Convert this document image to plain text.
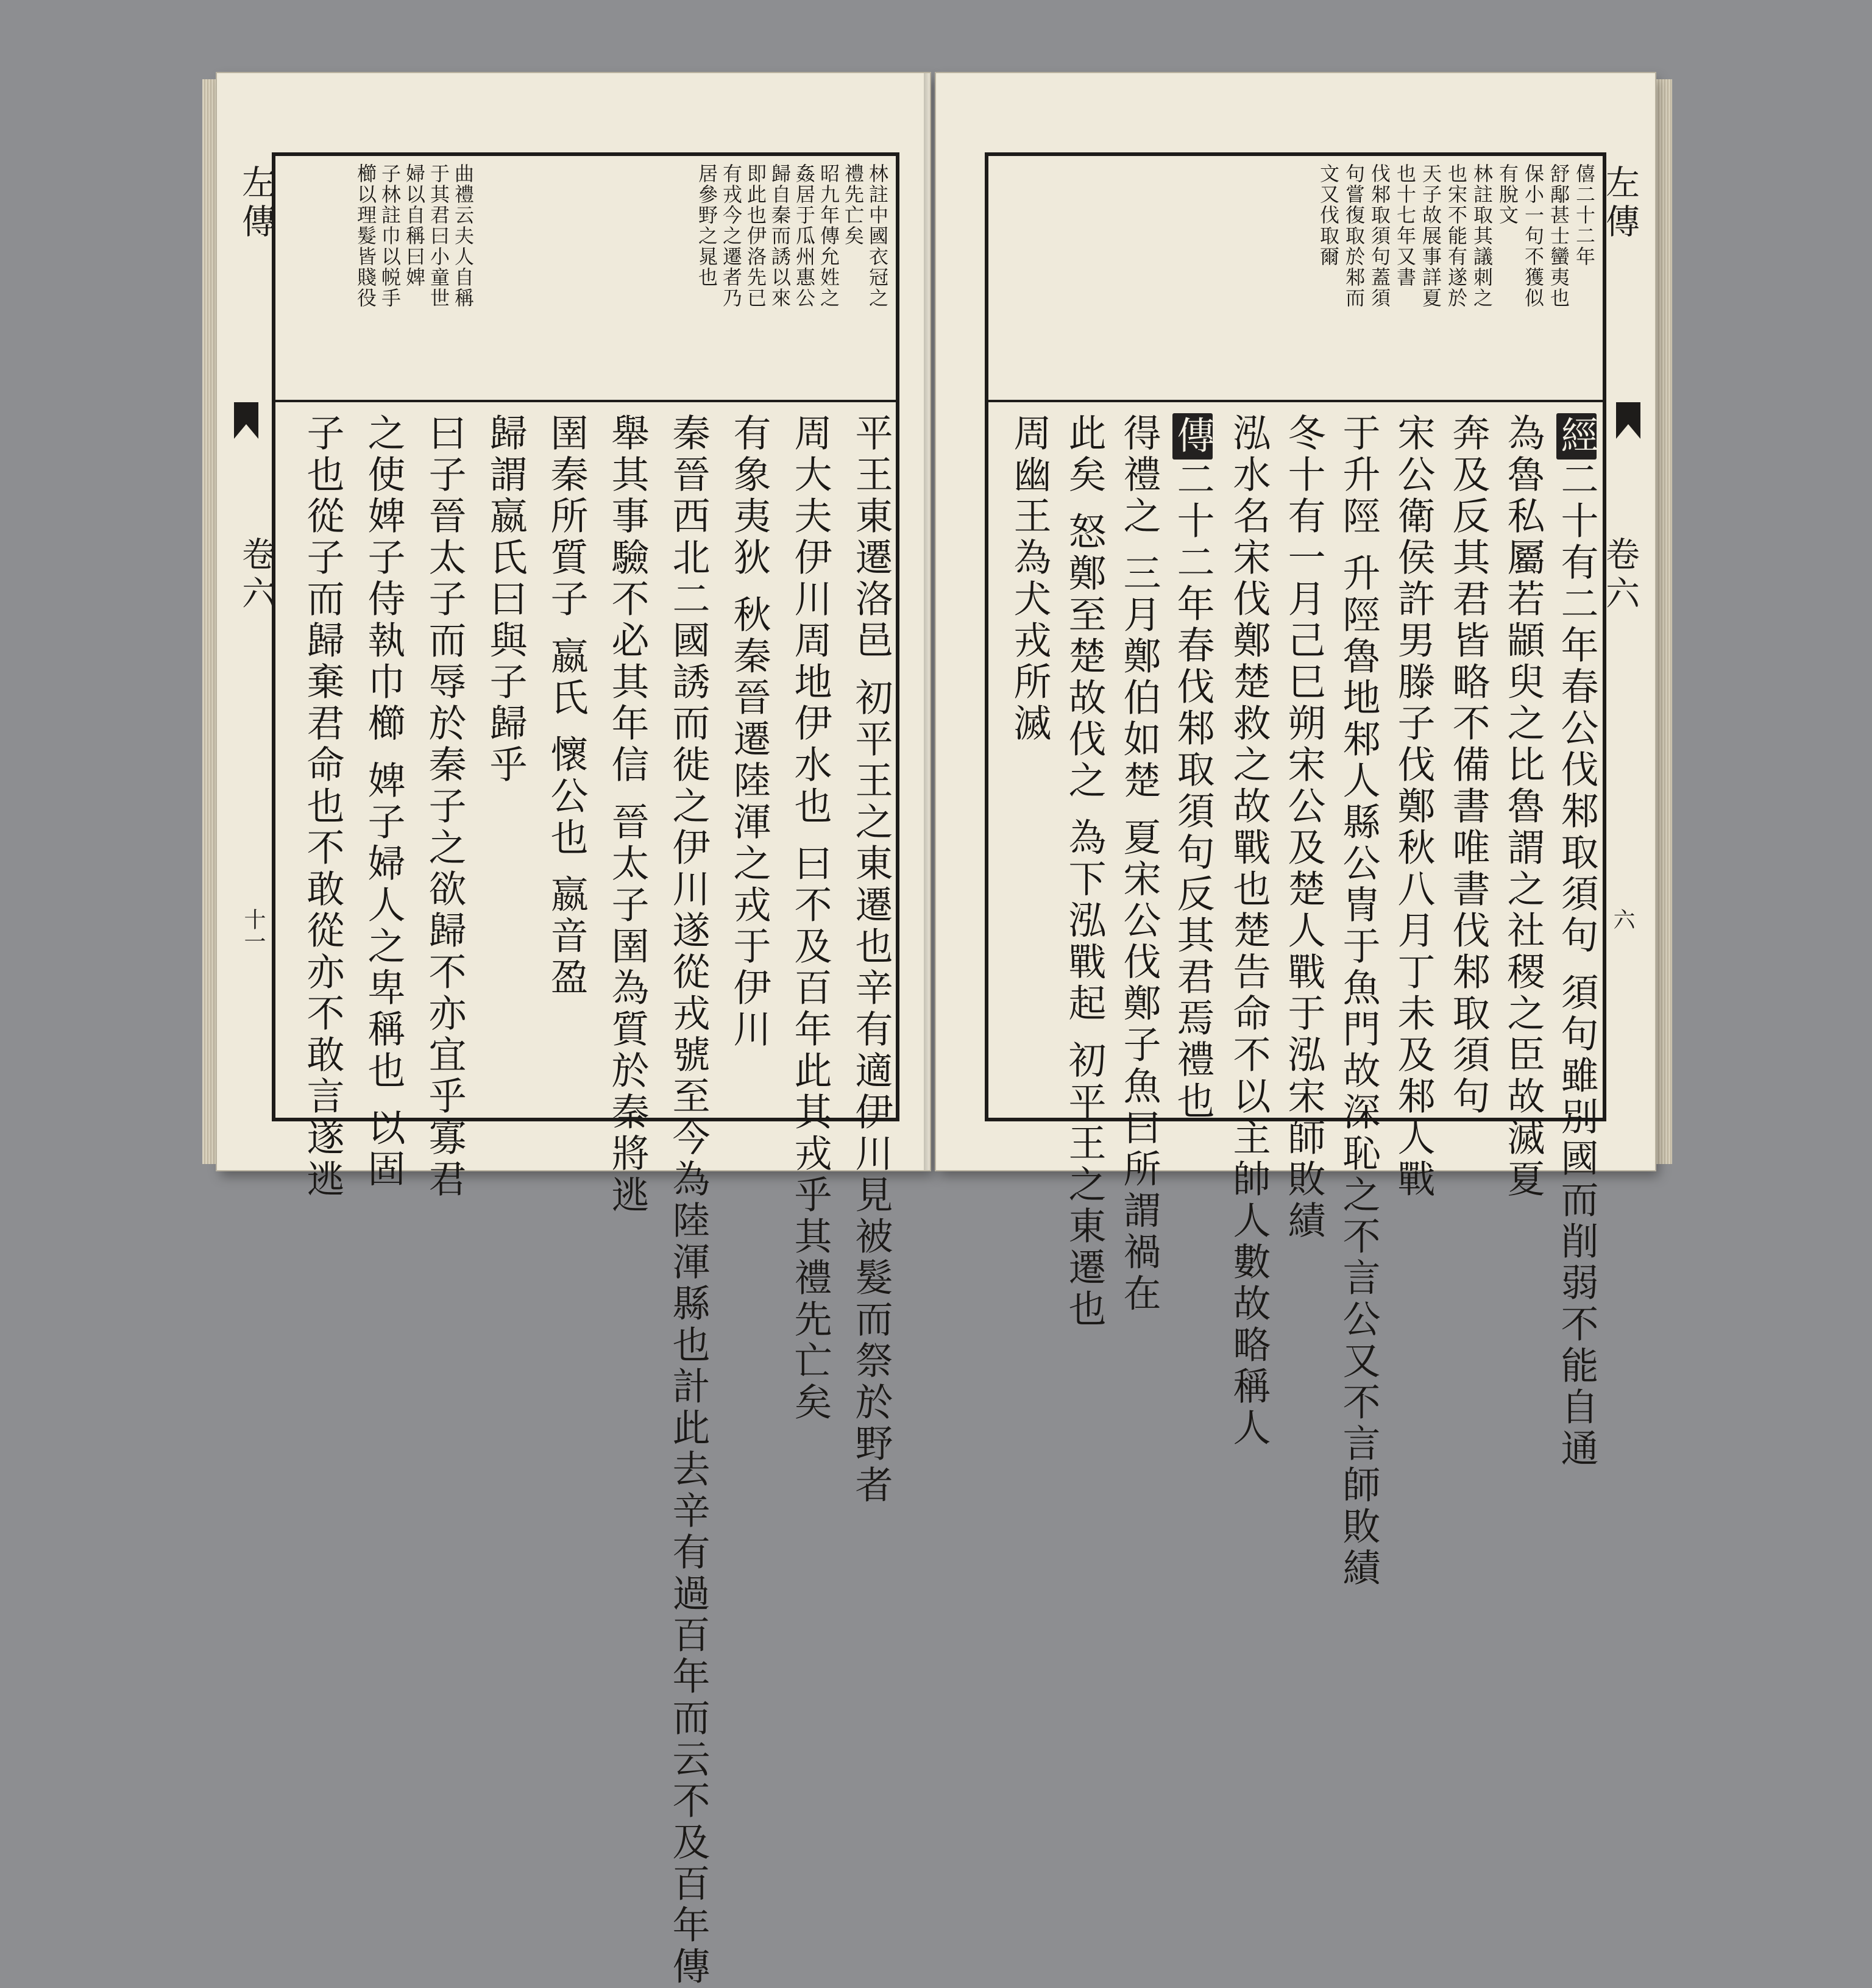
左傳
卷六
十一
林註中國衣冠之
禮先亡矣
昭九年傳允姓之
姦居于瓜州惠公
歸自秦而誘以來
即此也伊洛先已
有戎今之遷者乃
居參野之晁也
曲禮云夫人自稱
于其君曰小童世
婦以自稱曰婢
子林註巾以帨手
櫛以理髮皆賤役
平王東遷洛邑 初平王之東遷也辛有適伊川見被髮而祭於野者
周大夫伊川周地伊水也 曰不及百年此其戎乎其禮先亡矣
有象夷狄 秋秦晉遷陸渾之戎于伊川
秦晉西北二國誘而徙之伊川遂從戎號至今為陸渾縣也計此去辛有過百年而云不及百年傳
舉其事驗不必其年信 晉太子圉為質於秦將逃
圉秦所質子 嬴氏 懷公也 嬴音盈
歸謂嬴氏曰與子歸乎
曰子晉太子而辱於秦子之欲歸不亦宜乎寡君
之使婢子侍執巾櫛 婢子婦人之卑稱也 以固
子也從子而歸棄君命也不敢從亦不敢言遂逃
僖二十二年
舒鄅甚士蠻夷也
保小一句不獲似
有脫文
林註取其議刺之
也宋不能有遂於
天子故展事詳夏
也十七年又書
伐邾取須句蓋須
句嘗復取於邾而
文又伐取爾
經二十有二年春公伐邾取須句 須句雖別國而削弱不能自通
為魯私屬若顓臾之比魯謂之社稷之臣故滅夏
奔及反其君皆略不備書唯書伐邾取須句
宋公衛侯許男滕子伐鄭秋八月丁未及邾人戰
于升陘 升陘魯地邾人縣公冑于魚門故深恥之不言公又不言師敗績
冬十有一月己巳朔宋公及楚人戰于泓宋師敗績
泓水名宋伐鄭楚救之故戰也楚告命不以主帥人數故略稱人
傳二十二年春伐邾取須句反其君焉禮也
得禮之 三月鄭伯如楚 夏宋公伐鄭子魚曰所謂禍在
此矣 怒鄭至楚故伐之 為下泓戰起 初平王之東遷也
周幽王為犬戎所滅
左傳
卷六
六
